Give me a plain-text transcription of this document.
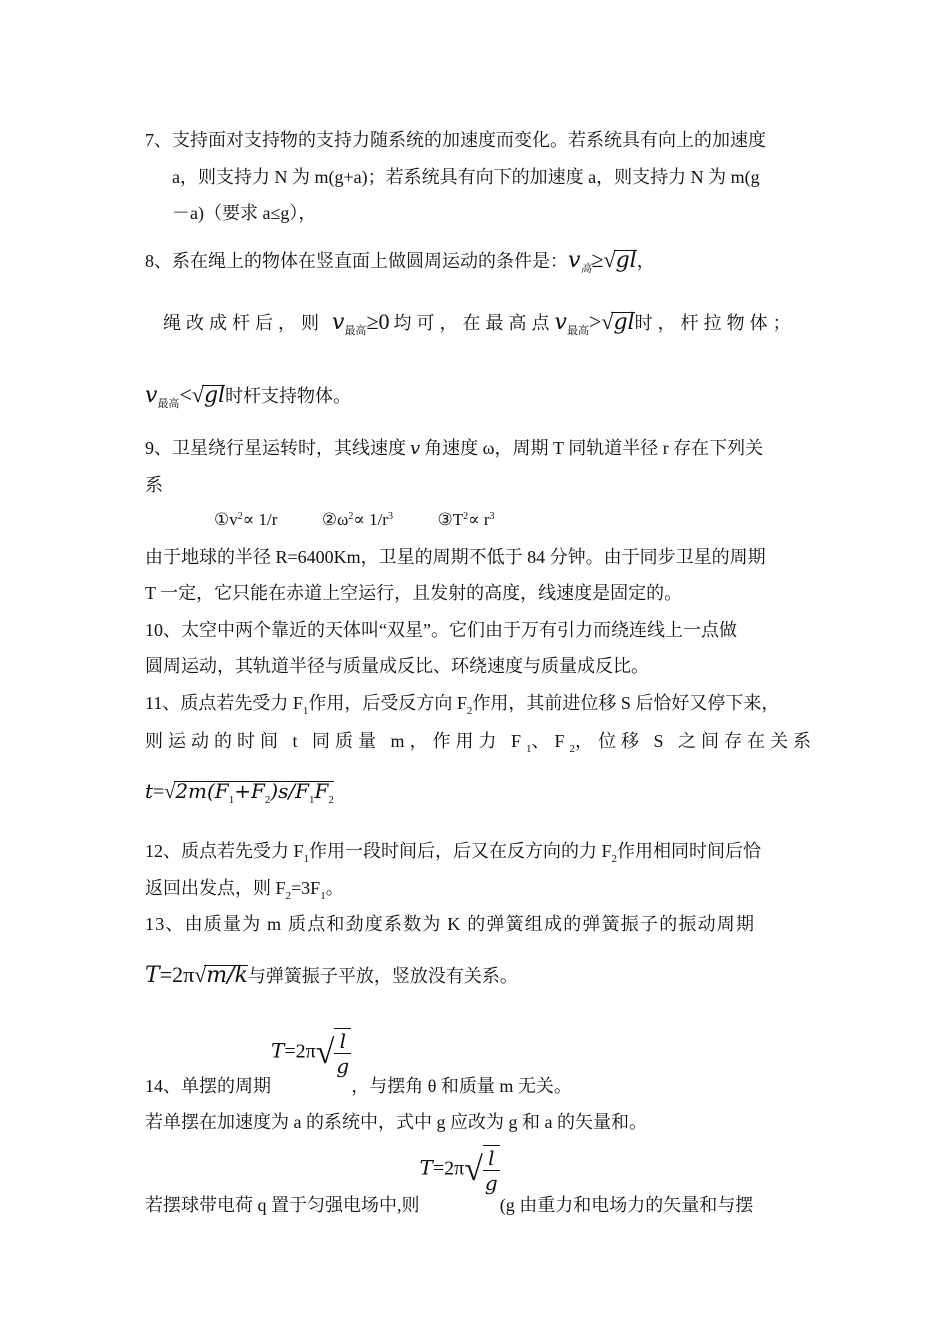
7、支持面对支持物的支持力随系统的加速度而变化。若系统具有向上的加速度
a，则支持力 N 为 m(g+a)；若系统具有向下的加速度 a，则支持力 N 为 m(g
－a)（要求 a≤g），
8、系在绳上的物体在竖直面上做圆周运动的条件是：$v_高\ge√gl$
，
绳改成杆后，则 $v_{最高}\ge 0$ 均可，在最高点$v_{最高}>√gl$
时，杆拉物体；
$v_{最高}<√gl$
时杆支持物体。
9、卫星绕行星运转时，其线速度 v 角速度 ω，周期 T 同轨道半径 r 存在下列关
系
$①v^2\propto 1/r$	$②\omega^2\propto 1/r^3$	$③T^2\propto r^3$
由于地球的半径 R=6400Km，卫星的周期不低于 84 分钟。由于同步卫星的周期
T 一定，它只能在赤道上空运行，且发射的高度，线速度是固定的。
10、太空中两个靠近的天体叫“双星”。它们由于万有引力而绕连线上一点做
圆周运动，其轨道半径与质量成反比、环绕速度与质量成反比。
11、质点若先受力 $F_1$作用，后受反方向 $F_2$作用，其前进位移 S 后恰好又停下来，
则运动的时间 t 同质量 m，作用力 $F_1$、$F_2$，位移 S 之间存在关系
$t=√2m(F_1+F_2)s/F_1F_2$
12、质点若先受力 $F_1$作用一段时间后，后又在反方向的力 $F_2$作用相同时间后恰
返回出发点，则 $F_2=3F_1$。
13、由质量为 m 质点和劲度系数为 K 的弹簧组成的弹簧振子的振动周期
T=2π√m/k
与弹簧振子平放，竖放没有关系。
14、单摆的周期$T=2\pi√ \frac{l}{g}$
，与摆角 θ 和质量 m 无关。
若单摆在加速度为 a 的系统中，式中 g 应改为 g 和 a 的矢量和。
若摆球带电荷 q 置于匀强电场中,则$T=2\pi√ \frac{l}{g}$
(g 由重力和电场力的矢量和与摆
